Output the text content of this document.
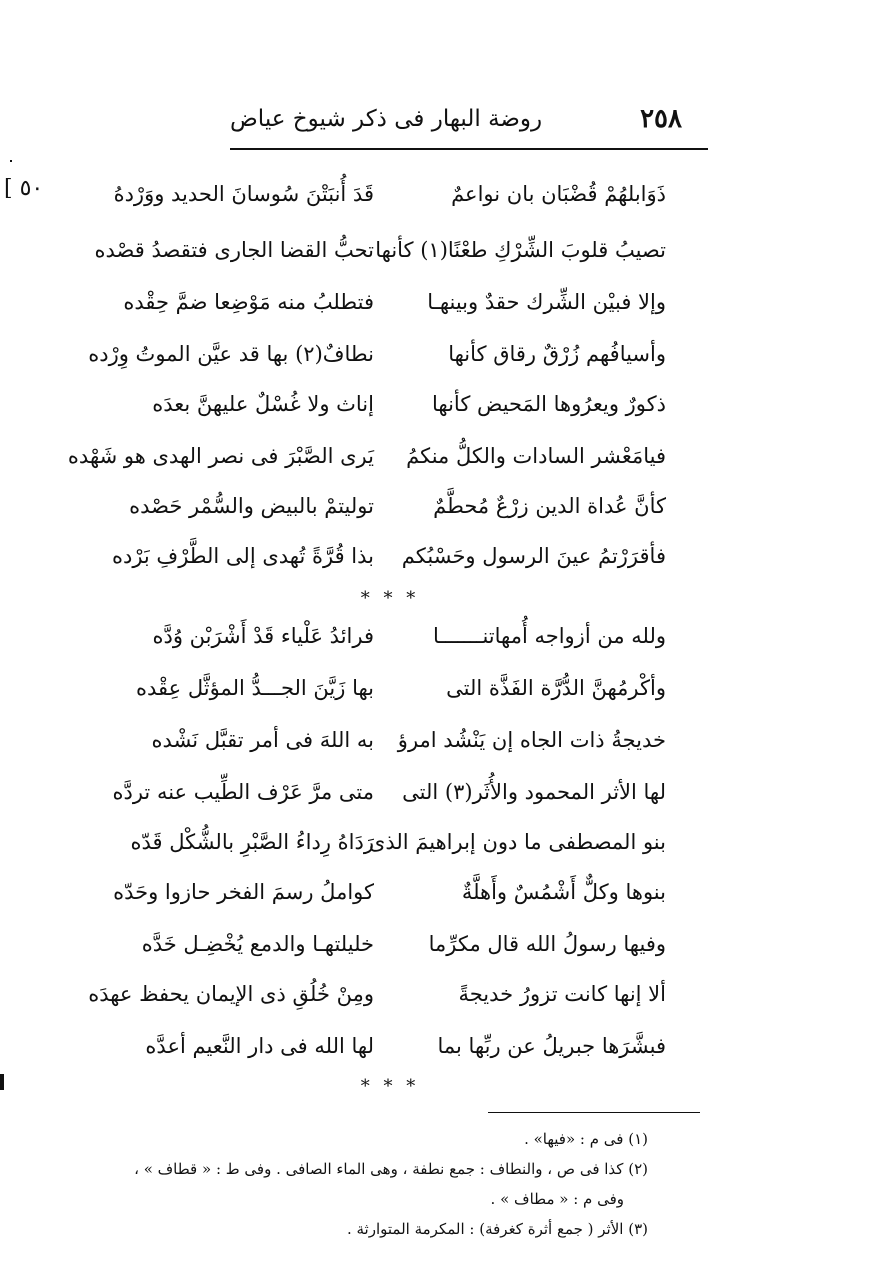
٢٥٨
روضة البهار فى ذكر شيوخ عياض
[ ٥٠	ذَوَابلهُمْ قُضْبَان بان نواعمٌ
قَدَ أُنبَتْنَ سُوسانَ الحديد ووَرْدهُ
تصيبُ قلوبَ الشِّرْكِ طعْنًا(١) كأنها
تحبُّ القضا الجارى فتقصدُ قصْده
وإلا فبيْن الشِّرك حقدٌ وبينهـا
فتطلبُ منه مَوْضِعا ضمَّ حِقْده
وأسيافُهم زُرْقٌ رقاق كأنها
نطافٌ(٢) بها قد عيَّن الموتُ وِرْده
ذكورٌ ويعرُوها المَحيض كأنها
إناث ولا غُسْلٌ عليهنَّ بعدَه
فيامَعْشر السادات والكلُّ منكمُ
يَرى الصَّبْرَ فى نصر الهدى هو شَهْده
كأنَّ عُداة الدين زرْعٌ مُحطَّمٌ
توليتمْ بالبيض والسُّمْر حَصْده
فأقرَرْتمُ عينَ الرسول وحَسْبُكم
بذا قُرَّةً تُهدى إلى الطَّرْفِ بَرْده
* * *
ولله من أزواجه أُمهاتنـــــــا
فرائدُ عَلْياء قَدْ أَشْرَبْن وُدَّه
وأكْرمُهنَّ الدُّرَّة الفَذَّة التى
بها زَيَّنَ الجـــدُّ المؤثَّل عِقْده
خديجةُ ذات الجاه إن يَنْشُد امرؤ
به اللهَ فى أمر تقبَّل نَشْده
لها الأثر المحمود والأُثَر(٣) التى
متى مرَّ عَرْف الطِّيب عنه تردَّه
بنو المصطفى ما دون إبراهيمَ الذى
رَدَاهُ رِداءُ الصَّبْرِ بالشُّكْل قَدّه
بنوها وكلٌّ أَشْمُسٌ وأَهلَّةٌ
كواملُ رسمَ الفخر حازوا وحَدّه
وفيها رسولُ الله قال مكرِّما
خليلتهـا والدمع يُخْضِـل خَدَّه
ألا إنها كانت تزورُ خديجةً
ومِنْ خُلُقِ ذى الإيمان يحفظ عهدَه
فبشَّرَها جبريلُ عن ربِّها بما
لها الله فى دار النَّعيم أعدَّه
* * *
(١) فى م : «فيها» .
(٢) كذا فى ص ، والنطاف : جمع نطفة ، وهى الماء الصافى . وفى ط : « قطاف » ،
وفى م : « مطاف » .
(٣) الأثر ( جمع أثرة كغرفة) : المكرمة المتوارثة .
